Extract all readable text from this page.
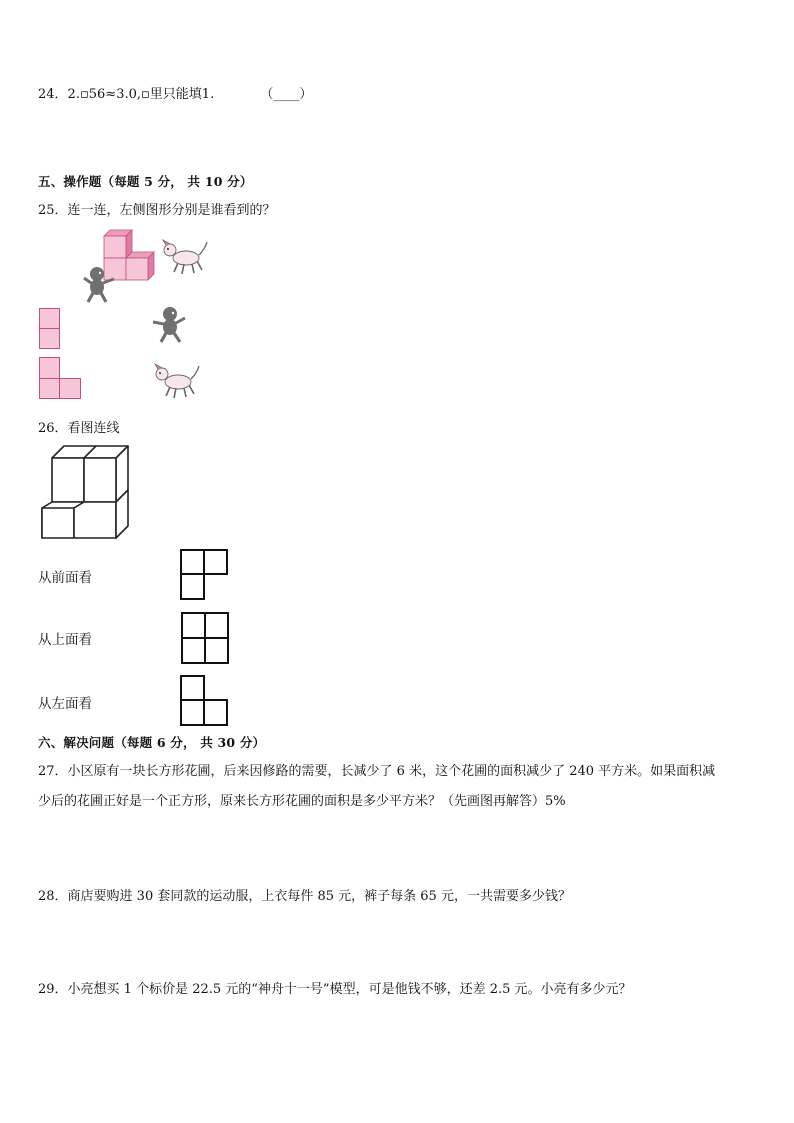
24．2.▫56≈3.0,▫里只能填1.	（____）
五、操作题（每题 5 分， 共 10 分）
25．连一连，左侧图形分别是谁看到的？
26．看图连线
从前面看
从上面看
从左面看
六、解决问题（每题 6 分， 共 30 分）
27．小区原有一块长方形花圃，后来因修路的需要，长减少了 6 米，这个花圃的面积减少了 240 平方米。如果面积减
少后的花圃正好是一个正方形，原来长方形花圃的面积是多少平方米？（先画图再解答）5%
28．商店要购进 30 套同款的运动服，上衣每件 85 元，裤子每条 65 元，一共需要多少钱？
29．小亮想买 1 个标价是 22.5 元的“神舟十一号”模型，可是他钱不够，还差 2.5 元。小亮有多少元？
